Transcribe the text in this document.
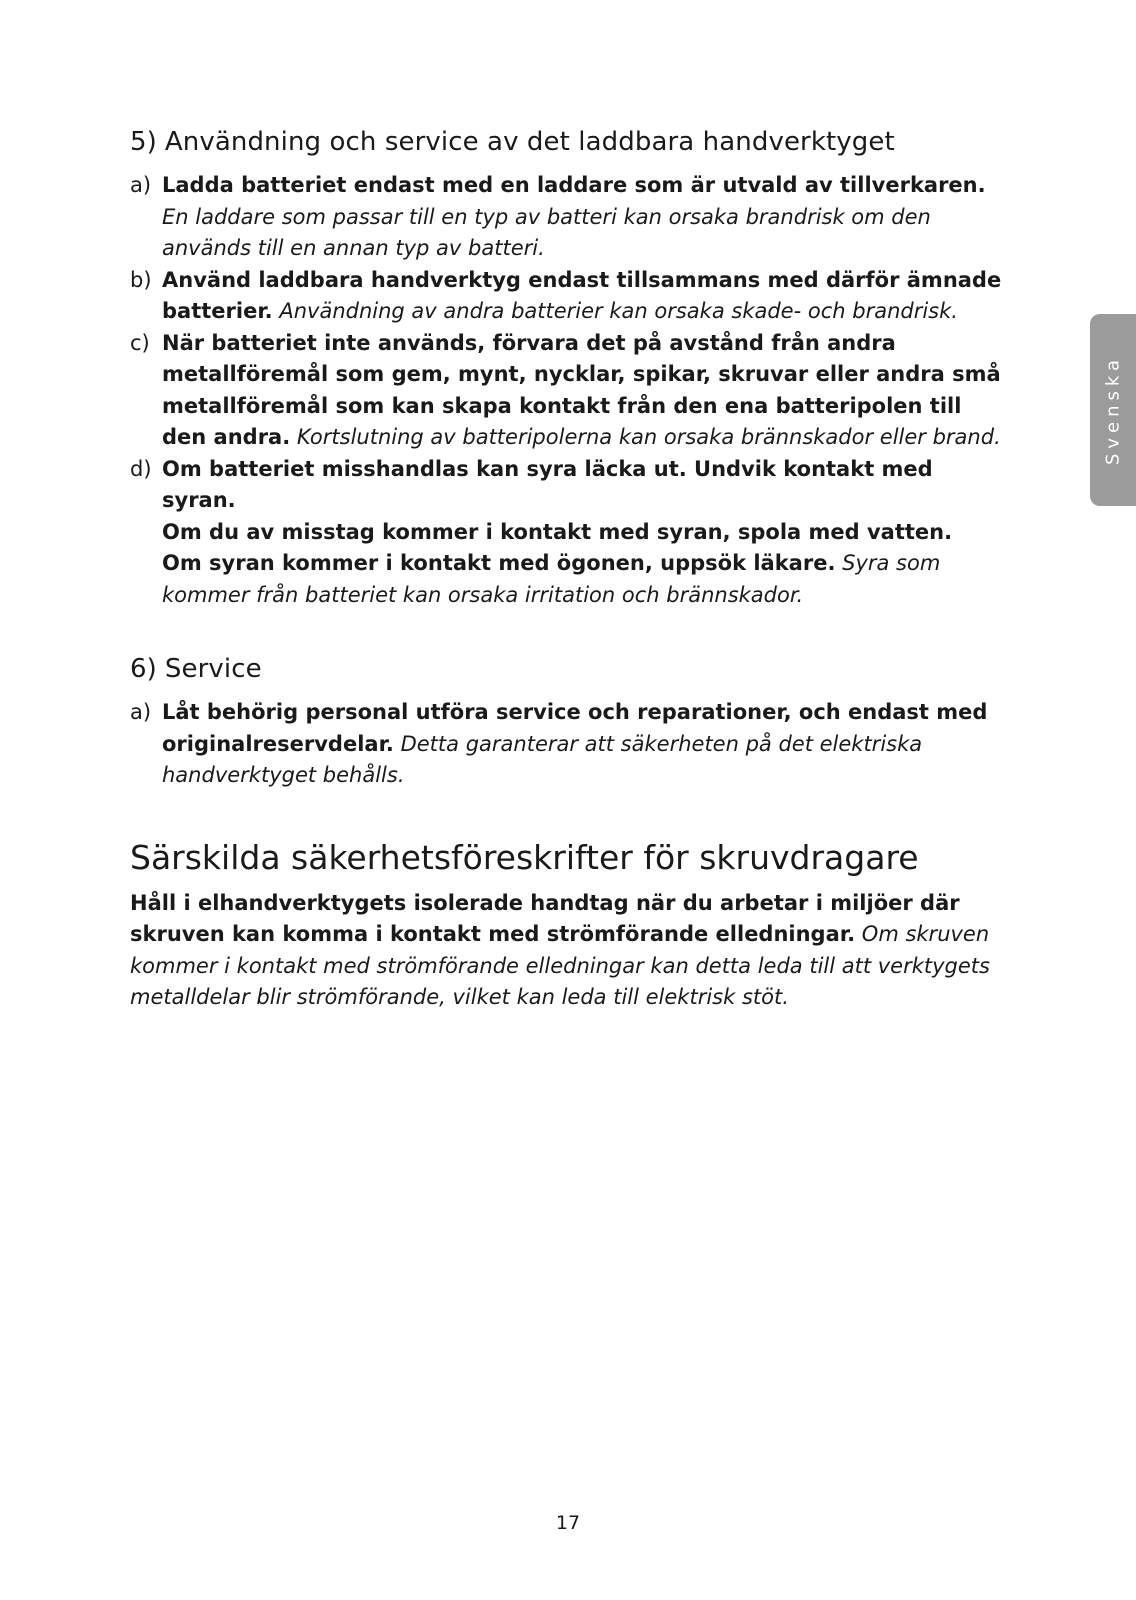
5) Användning och service av det laddbara handverktyget
a) Ladda batteriet endast med en laddare som är utvald av tillverkaren.
En laddare som passar till en typ av batteri kan orsaka brandrisk om den används till en annan typ av batteri.
b) Använd laddbara handverktyg endast tillsammans med därför ämnade batterier. Användning av andra batterier kan orsaka skade- och brandrisk.
c) När batteriet inte används, förvara det på avstånd från andra metallföremål som gem, mynt, nycklar, spikar, skruvar eller andra små metallföremål som kan skapa kontakt från den ena batteripolen till den andra. Kortslutning av batteripolerna kan orsaka brännskador eller brand.
d) Om batteriet misshandlas kan syra läcka ut. Undvik kontakt med syran.
Om du av misstag kommer i kontakt med syran, spola med vatten.
Om syran kommer i kontakt med ögonen, uppsök läkare. Syra som kommer från batteriet kan orsaka irritation och brännskador.
6) Service
a) Låt behörig personal utföra service och reparationer, och endast med originalreservdelar. Detta garanterar att säkerheten på det elektriska handverktyget behålls.
Särskilda säkerhetsföreskrifter för skruvdragare

Håll i elhandverktygets isolerade handtag när du arbetar i miljöer där skruven kan komma i kontakt med strömförande elledningar. Om skruven kommer i kontakt med strömförande elledningar kan detta leda till att verktygets metalldelar blir strömförande, vilket kan leda till elektrisk stöt.

Svenska
17
